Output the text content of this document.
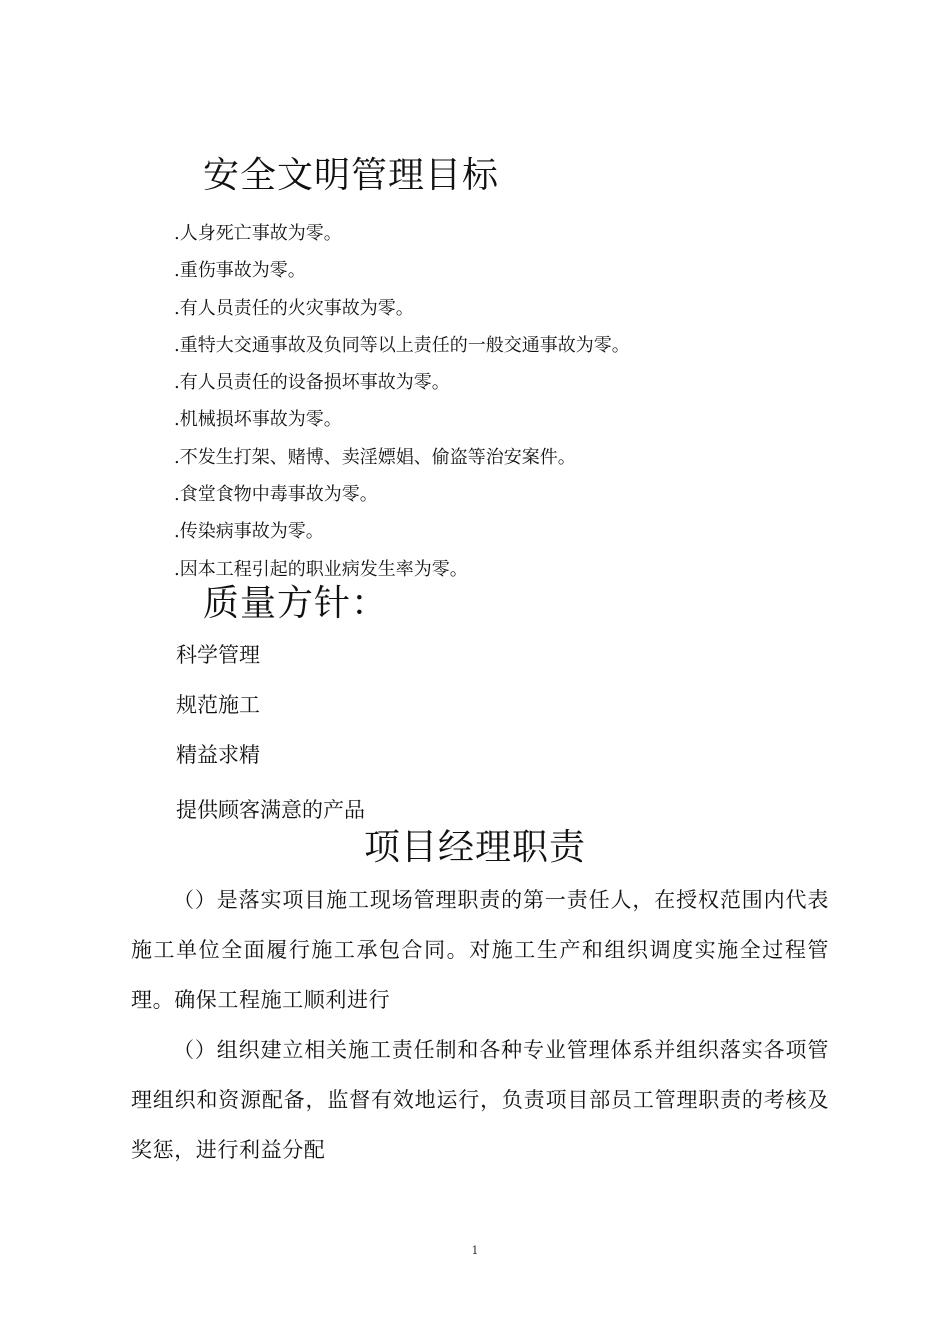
安全文明管理目标
.人身死亡事故为零。
.重伤事故为零。
.有人员责任的火灾事故为零。
.重特大交通事故及负同等以上责任的一般交通事故为零。
.有人员责任的设备损坏事故为零。
.机械损坏事故为零。
.不发生打架、赌博、卖淫嫖娼、偷盗等治安案件。
.食堂食物中毒事故为零。
.传染病事故为零。
.因本工程引起的职业病发生率为零。
质量方针：
科学管理
规范施工
精益求精
提供顾客满意的产品
项目经理职责

（）是落实项目施工现场管理职责的第一责任人，在授权范围内代表施工单位全面履行施工承包合同。对施工生产和组织调度实施全过程管理。确保工程施工顺利进行

（）组织建立相关施工责任制和各种专业管理体系并组织落实各项管理组织和资源配备，监督有效地运行，负责项目部员工管理职责的考核及奖惩，进行利益分配

1
